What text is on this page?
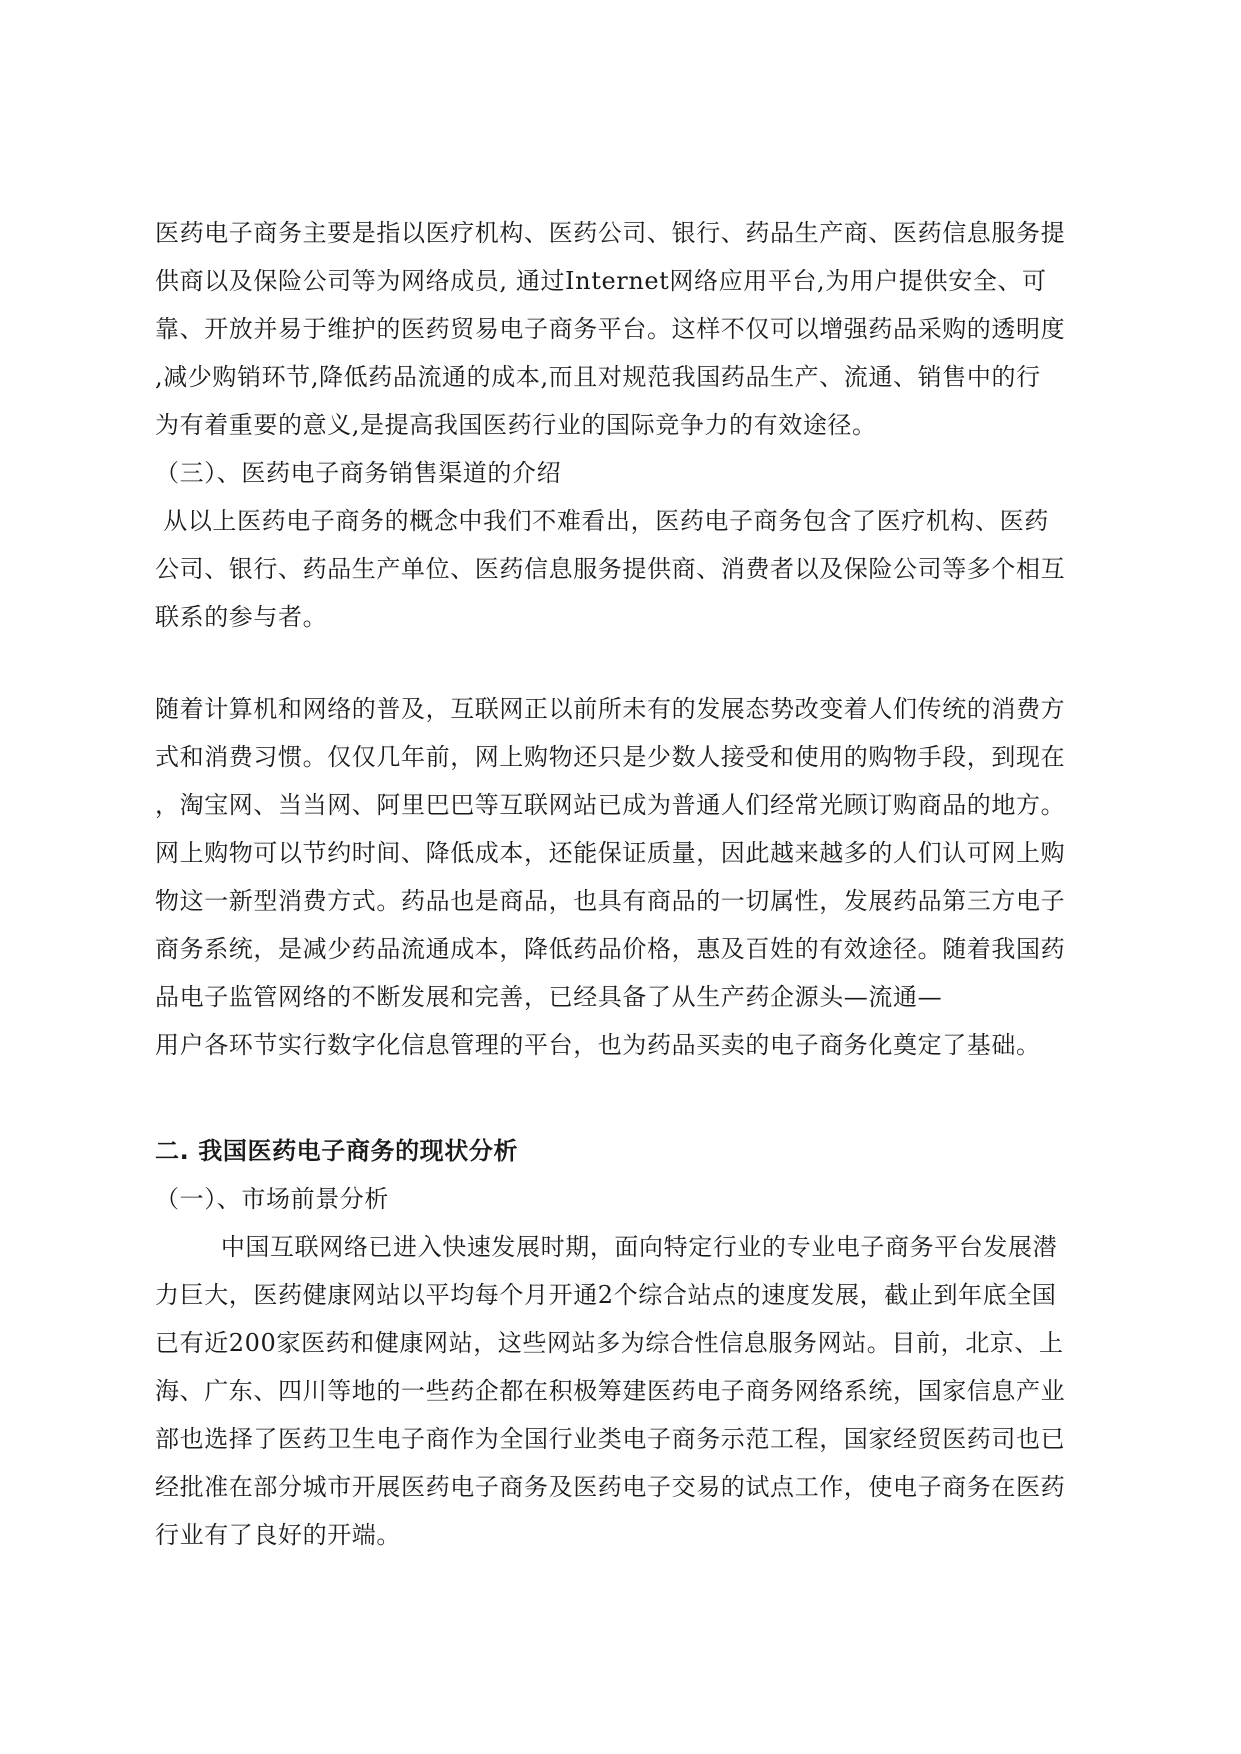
医药电子商务主要是指以医疗机构、医药公司、银行、药品生产商、医药信息服务提
供商以及保险公司等为网络成员, 通过Internet网络应用平台,为用户提供安全、可
靠、开放并易于维护的医药贸易电子商务平台。这样不仅可以增强药品采购的透明度
,减少购销环节,降低药品流通的成本,而且对规范我国药品生产、流通、销售中的行
为有着重要的意义,是提高我国医药行业的国际竞争力的有效途径。
（三）、医药电子商务销售渠道的介绍
从以上医药电子商务的概念中我们不难看出，医药电子商务包含了医疗机构、医药
公司、银行、药品生产单位、医药信息服务提供商、消费者以及保险公司等多个相互
联系的参与者。
随着计算机和网络的普及，互联网正以前所未有的发展态势改变着人们传统的消费方
式和消费习惯。仅仅几年前，网上购物还只是少数人接受和使用的购物手段，到现在
，淘宝网、当当网、阿里巴巴等互联网站已成为普通人们经常光顾订购商品的地方。
网上购物可以节约时间、降低成本，还能保证质量，因此越来越多的人们认可网上购
物这一新型消费方式。药品也是商品，也具有商品的一切属性，发展药品第三方电子
商务系统，是减少药品流通成本，降低药品价格，惠及百姓的有效途径。随着我国药
品电子监管网络的不断发展和完善，已经具备了从生产药企源头—流通—
用户各环节实行数字化信息管理的平台，也为药品买卖的电子商务化奠定了基础。
二. 我国医药电子商务的现状分析
（一）、市场前景分析
中国互联网络已进入快速发展时期，面向特定行业的专业电子商务平台发展潜
力巨大，医药健康网站以平均每个月开通2个综合站点的速度发展，截止到年底全国
已有近200家医药和健康网站，这些网站多为综合性信息服务网站。目前，北京、上
海、广东、四川等地的一些药企都在积极筹建医药电子商务网络系统，国家信息产业
部也选择了医药卫生电子商作为全国行业类电子商务示范工程，国家经贸医药司也已
经批准在部分城市开展医药电子商务及医药电子交易的试点工作，使电子商务在医药
行业有了良好的开端。
